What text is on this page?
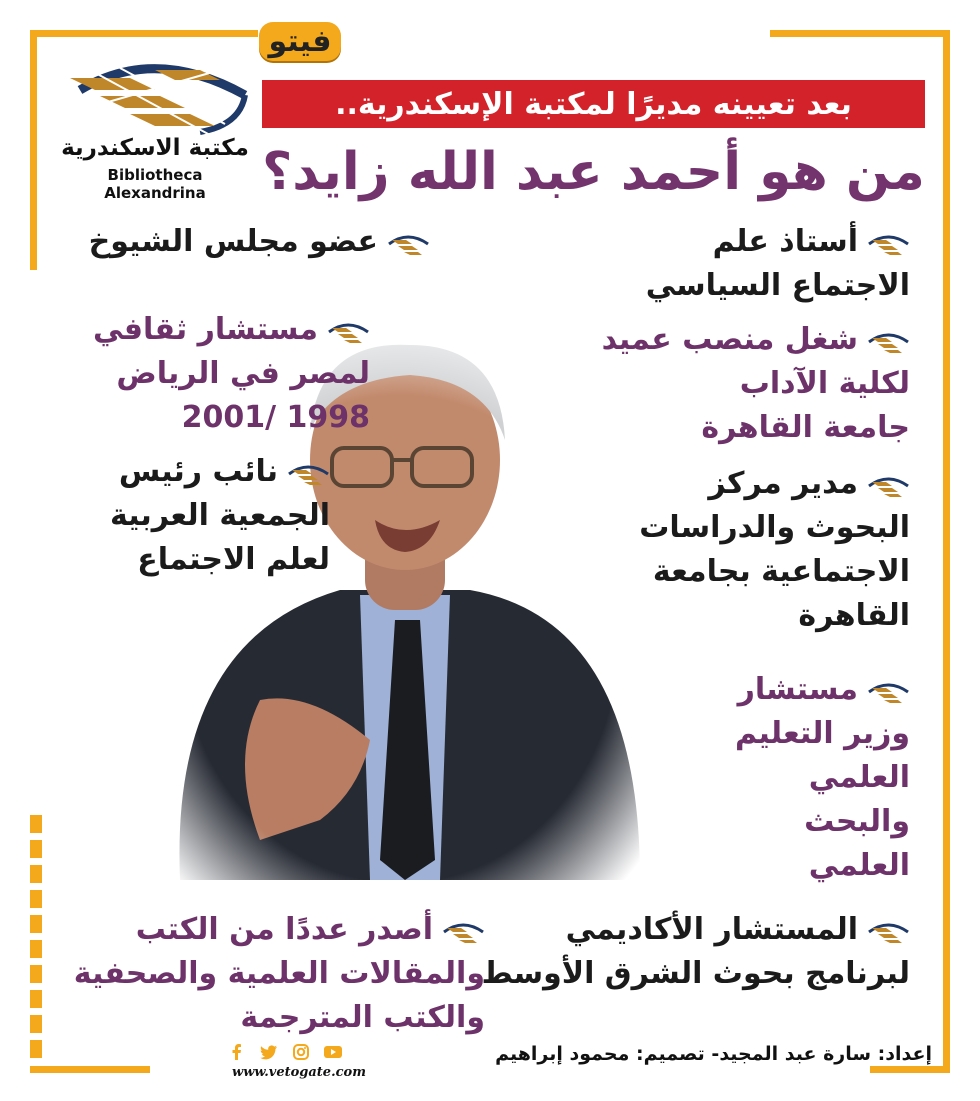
فيتو
مكتبة الاسكندرية
Bibliotheca Alexandrina
بعد تعيينه مديرًا لمكتبة الإسكندرية..
من هو أحمد عبد الله زايد؟
أستاذ علم
الاجتماع السياسي
عضو مجلس الشيوخ
شغل منصب عميد
لكلية الآداب
جامعة القاهرة
مستشار ثقافي
لمصر في الرياض
1998 /2001
نائب رئيس
الجمعية العربية
لعلم الاجتماع
مدير مركز
البحوث والدراسات
الاجتماعية بجامعة
القاهرة
مستشار
وزير التعليم
العلمي
والبحث
العلمي
المستشار الأكاديمي
لبرنامج بحوث الشرق الأوسط
أصدر عددًا من الكتب
والمقالات العلمية والصحفية
والكتب المترجمة
www.vetogate.com
إعداد: سارة عبد المجيد- تصميم: محمود إبراهيم
